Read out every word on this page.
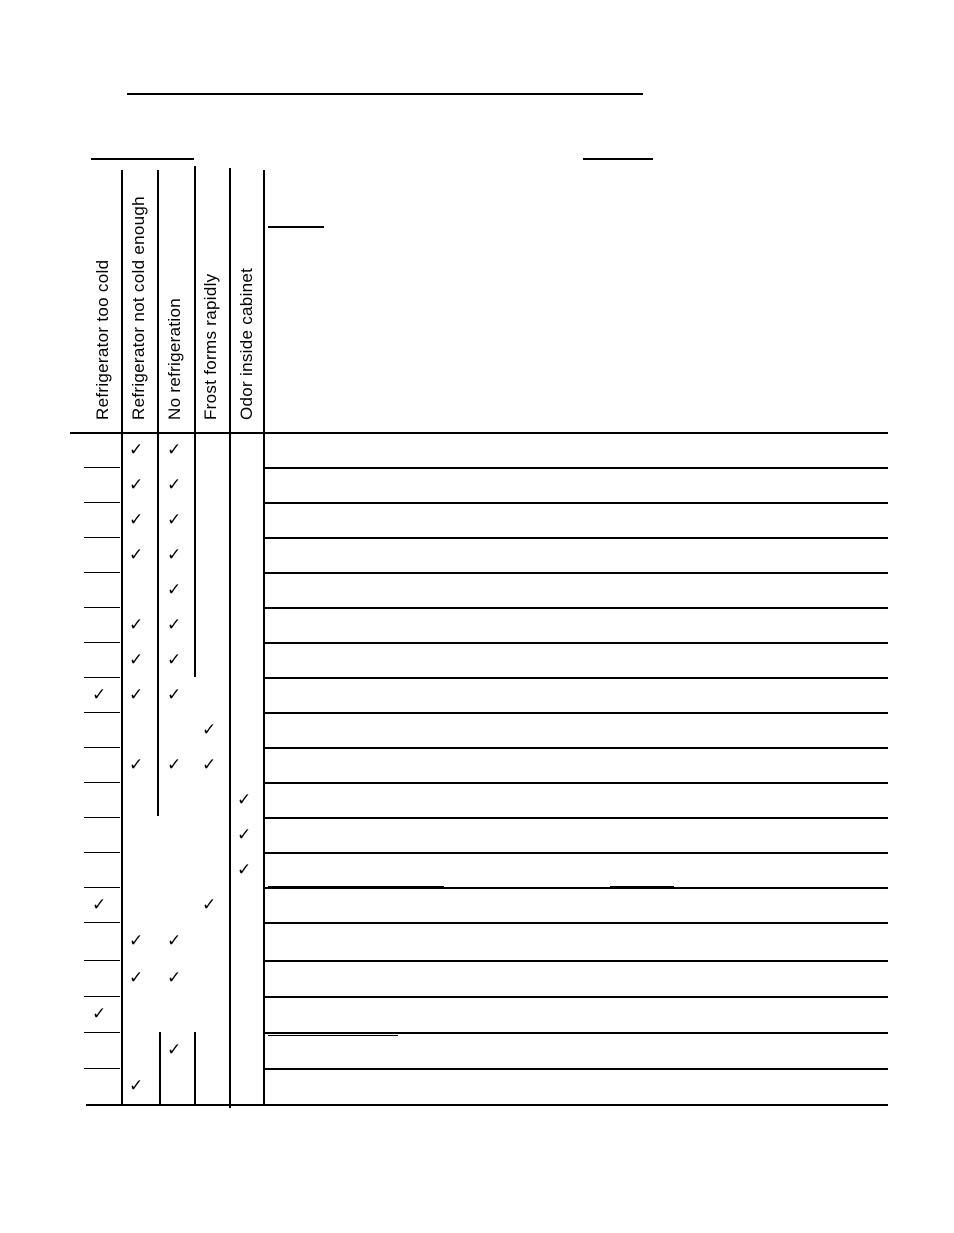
Refrigerator too cold Refrigerator not cold enough No refrigeration Frost forms rapidly Odor inside cabinet
✓ ✓
✓ ✓
✓ ✓
✓ ✓
✓
✓ ✓
✓ ✓
✓ ✓ ✓
✓
✓ ✓ ✓
✓
✓
✓
✓	✓
✓ ✓
✓ ✓
✓
✓
✓
